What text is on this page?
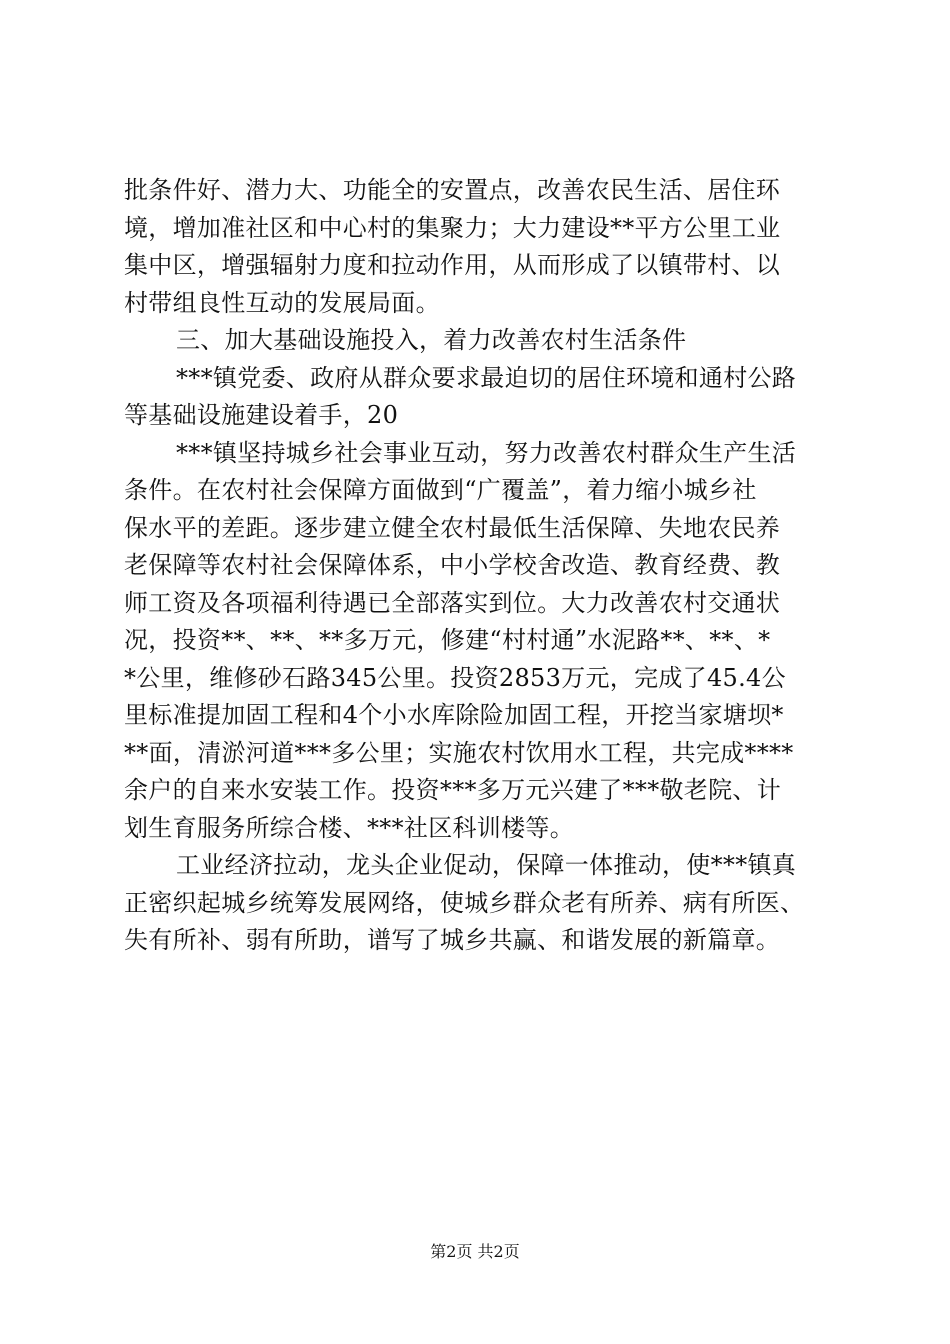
批条件好、潜力大、功能全的安置点，改善农民生活、居住环
境，增加准社区和中心村的集聚力；大力建设**平方公里工业
集中区，增强辐射力度和拉动作用，从而形成了以镇带村、以
村带组良性互动的发展局面。
三、加大基础设施投入，着力改善农村生活条件
***镇党委、政府从群众要求最迫切的居住环境和通村公路
等基础设施建设着手，20
***镇坚持城乡社会事业互动，努力改善农村群众生产生活
条件。在农村社会保障方面做到“广覆盖”，着力缩小城乡社
保水平的差距。逐步建立健全农村最低生活保障、失地农民养
老保障等农村社会保障体系，中小学校舍改造、教育经费、教
师工资及各项福利待遇已全部落实到位。大力改善农村交通状
况，投资**、**、**多万元，修建“村村通”水泥路**、**、*
*公里，维修砂石路345公里。投资2853万元，完成了45.4公
里标准提加固工程和4个小水库除险加固工程，开挖当家塘坝*
**面，清淤河道***多公里；实施农村饮用水工程，共完成****
余户的自来水安装工作。投资***多万元兴建了***敬老院、计
划生育服务所综合楼、***社区科训楼等。
工业经济拉动，龙头企业促动，保障一体推动，使***镇真
正密织起城乡统筹发展网络，使城乡群众老有所养、病有所医、
失有所补、弱有所助，谱写了城乡共赢、和谐发展的新篇章。
第2页 共2页
